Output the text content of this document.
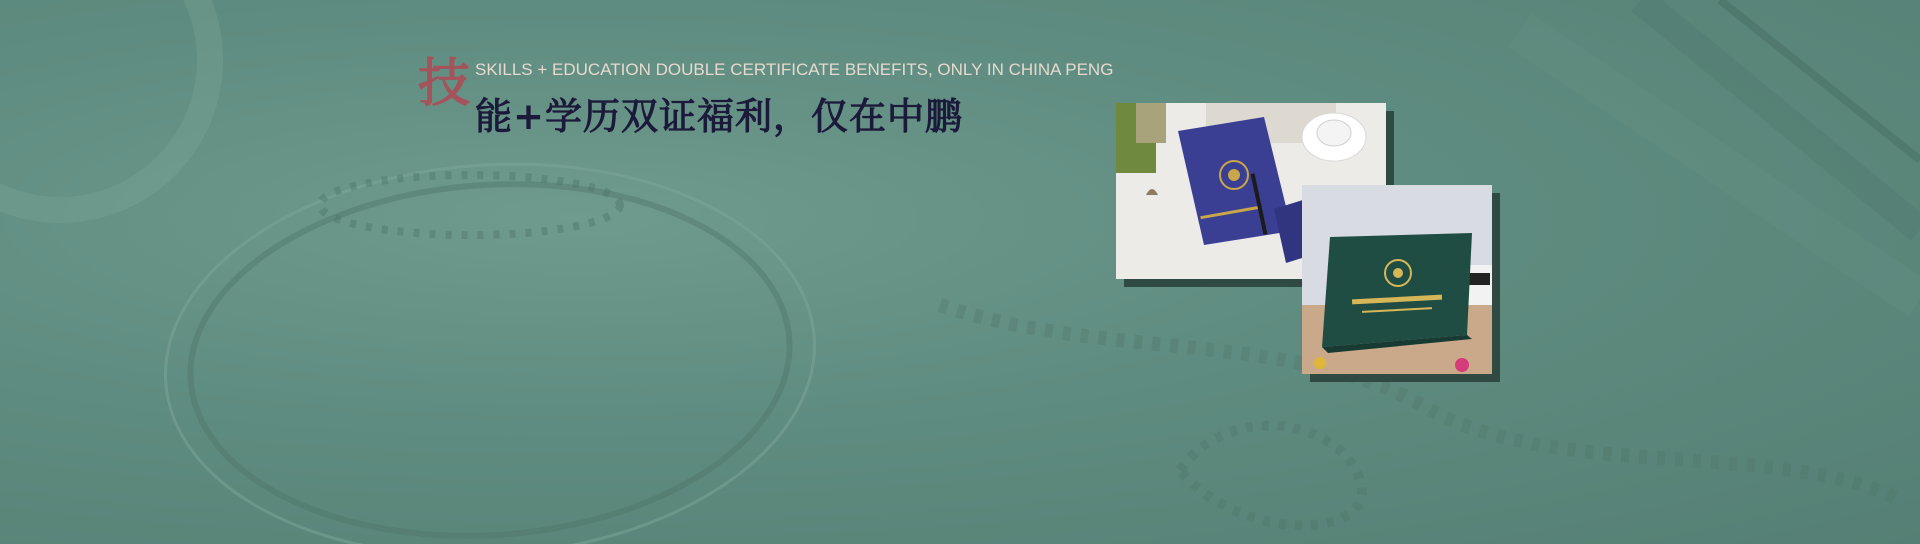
技 SKILLS + EDUCATION DOUBLE CERTIFICATE BENEFITS, ONLY IN CHINA PENG
能+学历双证福利，仅在中鹏
